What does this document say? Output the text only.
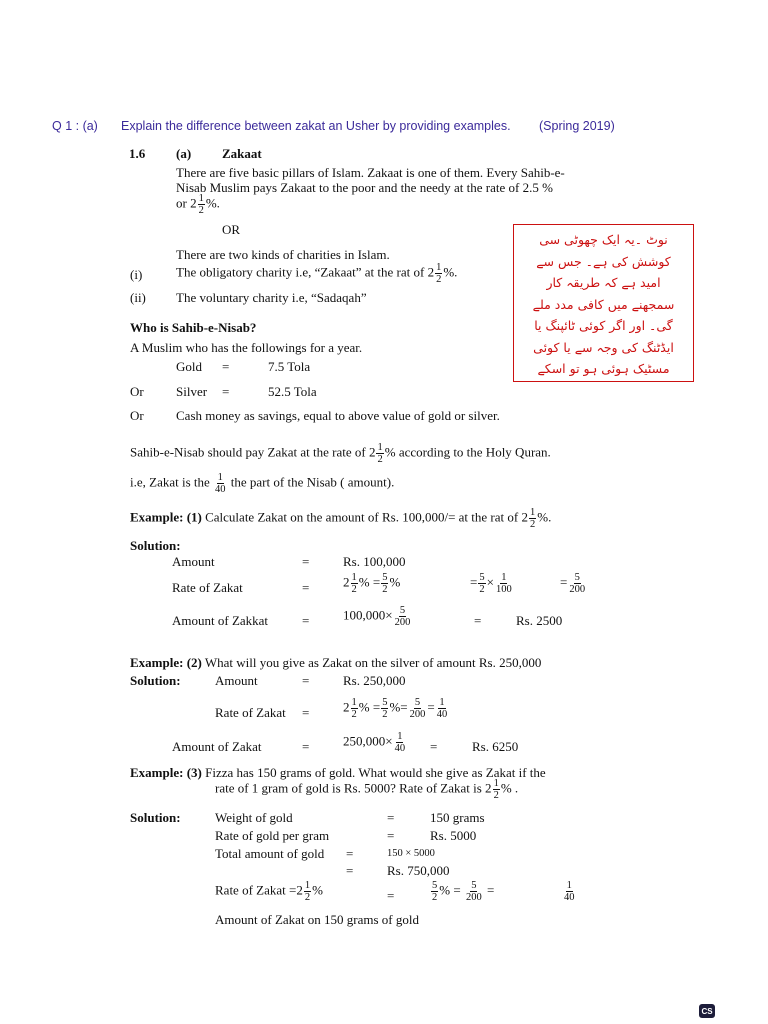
Q 1 : (a) Explain the difference between zakat an Usher by providing examples. (Spring 2019)
1.6 (a) Zakaat
There are five basic pillars of Islam. Zakaat is one of them. Every Sahib-e-
Nisab Muslim pays Zakaat to the poor and the needy at the rate of 2.5 %
or $2 \frac{1}{2}$ %.
OR
There are two kinds of charities in Islam.
(i)	The obligatory charity i.e, “Zakaat” at the rat of $2 \frac{1}{2}$ %.
(ii) The voluntary charity i.e, “Sadaqah”
نوٹ ۔یہ ایک چھوٹی سی
کوشش کی ہے۔ جس سے
امید ہے کہ طریقہ کار
سمجھنے میں کافی مدد ملے
گی۔ اور اگر کوئی ٹائپنگ یا
ایڈٹنگ کی وجہ سے یا کوئی
مسٹیک ہوئی ہو تو اسکے
Who is Sahib-e-Nisab?
A Muslim who has the followings for a year.
Gold =	7.5 Tola
Or Silver =	52.5 Tola
Or Cash money as savings, equal to above value of gold or silver.
Sahib-e-Nisab should pay Zakat at the rate of $2 \frac{1}{2}$ % according to the Holy Quran.
i.e, Zakat is the $\frac{1}{40}$ the part of the Nisab ( amount).
Example: (1) Calculate Zakat on the amount of Rs. 100,000/= at the rat of $2 \frac{1}{2}$ %.
Solution:
Amount	=	Rs. 100,000
Rate of Zakat	=	$2 \frac{1}{2}$ % = $\frac{5}{2}$ %	= $\frac{5}{2} \times \frac{1}{100}$	= $\frac{5}{200}$
Amount of Zakkat	=	$100,000\times \frac{5}{200}$	=	Rs. 2500
Example: (2) What will you give as Zakat on the silver of amount Rs. 250,000
Solution:	Amount	=	Rs. 250,000
Rate of Zakat =	$2 \frac{1}{2}$ % = $\frac{5}{2}$ %= $\frac{5}{200} = \frac{1}{40}$
Amount of Zakat	=	$250,000\times \frac{1}{40}$ =	Rs. 6250
Example: (3) Fizza has 150 grams of gold. What would she give as Zakat if the
rate of 1 gram of gold is Rs. 5000? Rate of Zakat is $2 \frac{1}{2}$ % .
Solution:	Weight of gold	=	150 grams
Rate of gold per gram	=	Rs. 5000
Total amount of gold =	150 × 5000
=	Rs. 750,000
Rate of Zakat $=2 \frac{1}{2}$ %	=	$\frac{5}{2}$ % = $\frac{5}{200}$ =	$\frac{1}{40}$
Amount of Zakat on 150 grams of gold
CS
